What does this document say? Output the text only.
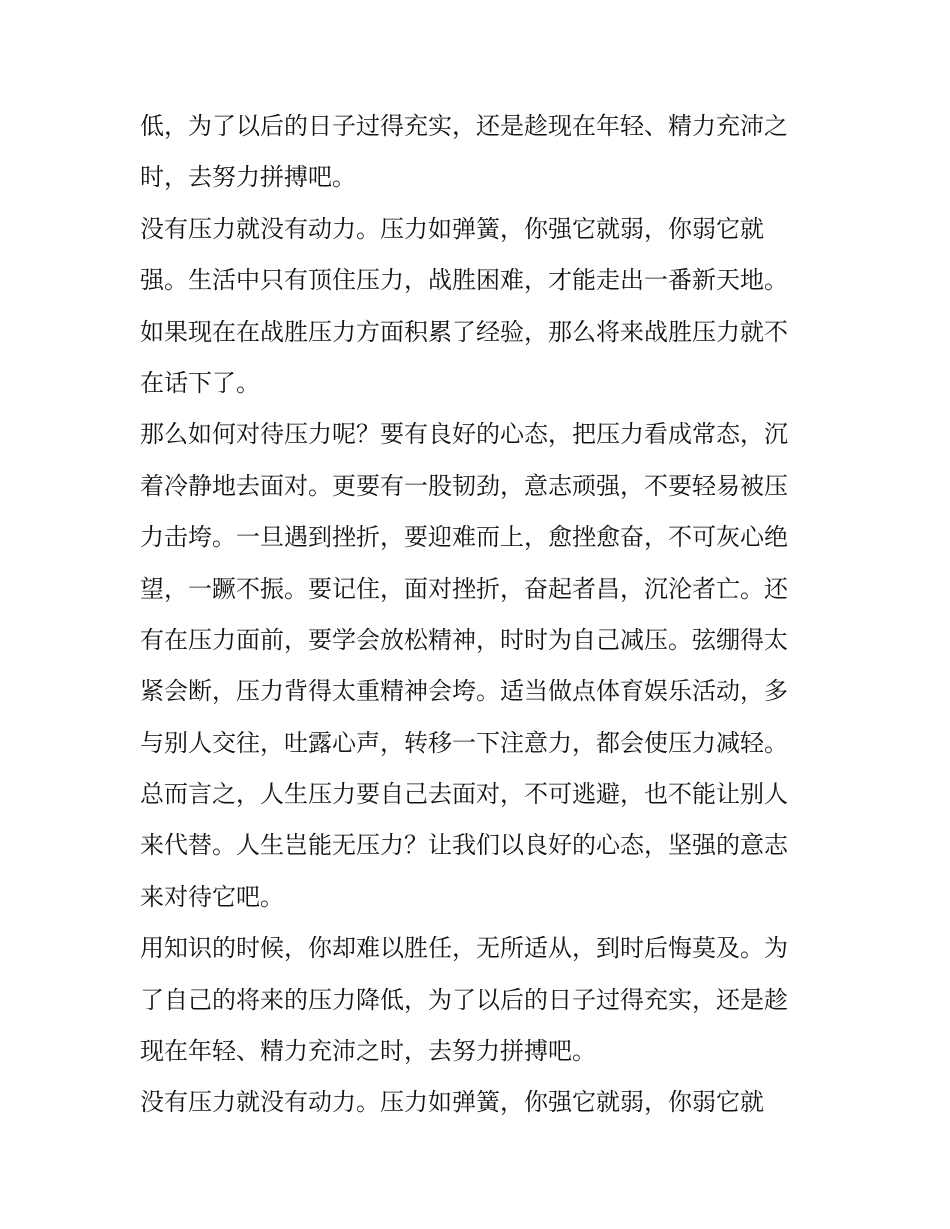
低，为了以后的日子过得充实，还是趁现在年轻、精力充沛之
时，去努力拼搏吧。
没有压力就没有动力。压力如弹簧，你强它就弱，你弱它就
强。生活中只有顶住压力，战胜困难，才能走出一番新天地。
如果现在在战胜压力方面积累了经验，那么将来战胜压力就不
在话下了。
那么如何对待压力呢？要有良好的心态，把压力看成常态，沉
着冷静地去面对。更要有一股韧劲，意志顽强，不要轻易被压
力击垮。一旦遇到挫折，要迎难而上，愈挫愈奋，不可灰心绝
望，一蹶不振。要记住，面对挫折，奋起者昌，沉沦者亡。还
有在压力面前，要学会放松精神，时时为自己减压。弦绷得太
紧会断，压力背得太重精神会垮。适当做点体育娱乐活动，多
与别人交往，吐露心声，转移一下注意力，都会使压力减轻。
总而言之，人生压力要自己去面对，不可逃避，也不能让别人
来代替。人生岂能无压力？让我们以良好的心态，坚强的意志
来对待它吧。
用知识的时候，你却难以胜任，无所适从，到时后悔莫及。为
了自己的将来的压力降低，为了以后的日子过得充实，还是趁
现在年轻、精力充沛之时，去努力拼搏吧。
没有压力就没有动力。压力如弹簧，你强它就弱，你弱它就
